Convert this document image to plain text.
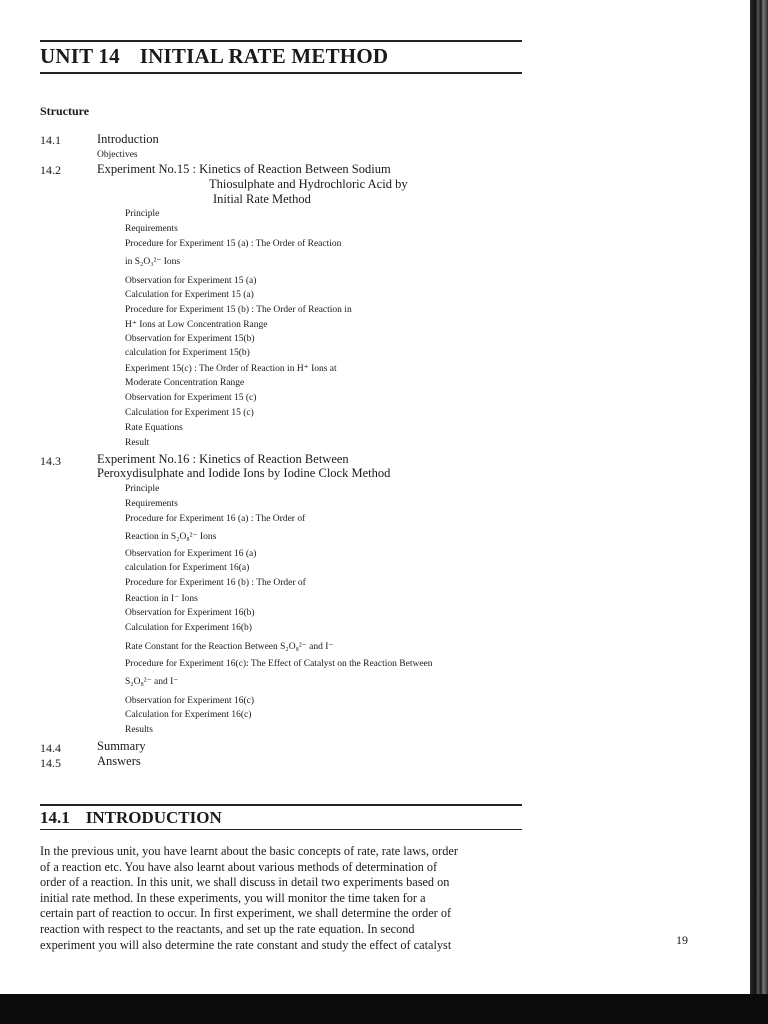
UNIT 14 INITIAL RATE METHOD
Structure
14.1	Introduction
Objectives
14.2	Experiment No.15 : Kinetics of Reaction Between Sodium
Thiosulphate and Hydrochloric Acid by
Initial Rate Method
Principle
Requirements
Procedure for Experiment 15 (a) : The Order of Reaction
in S₂O₃²⁻ Ions
Observation for Experiment 15 (a)
Calculation for Experiment 15 (a)
Procedure for Experiment 15 (b) : The Order of Reaction in
H⁺ Ions at Low Concentration Range
Observation for Experiment 15(b)
calculation for Experiment 15(b)
Experiment 15(c) : The Order of Reaction in H⁺ Ions at
Moderate Concentration Range
Observation for Experiment 15 (c)
Calculation for Experiment 15 (c)
Rate Equations
Result
14.3	Experiment No.16 : Kinetics of Reaction Between
Peroxydisulphate and Iodide Ions by Iodine Clock Method
Principle
Requirements
Procedure for Experiment 16 (a) : The Order of
Reaction in S₂O₈²⁻ Ions
Observation for Experiment 16 (a)
calculation for Experiment 16(a)
Procedure for Experiment 16 (b) : The Order of
Reaction in I⁻ Ions
Observation for Experiment 16(b)
Calculation for Experiment 16(b)
Rate Constant for the Reaction Between S₂O₈²⁻ and I⁻
Procedure for Experiment 16(c): The Effect of Catalyst on the Reaction Between
S₂O₈²⁻ and I⁻
Observation for Experiment 16(c)
Calculation for Experiment 16(c)
Results
14.4	Summary
14.5	Answers
14.1 INTRODUCTION
In the previous unit, you have learnt about the basic concepts of rate, rate laws, order
of a reaction etc. You have also learnt about various methods of determination of
order of a reaction. In this unit, we shall discuss in detail two experiments based on
initial rate method. In these experiments, you will monitor the time taken for a
certain part of reaction to occur. In first experiment, we shall determine the order of
reaction with respect to the reactants, and set up the rate equation. In second
experiment you will also determine the rate constant and study the effect of catalyst	19
